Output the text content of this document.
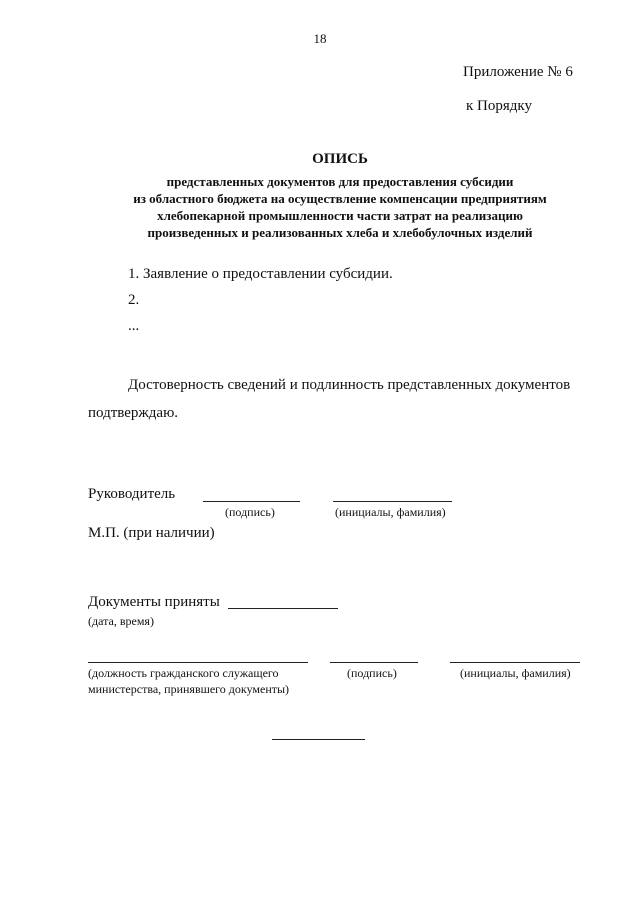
18
Приложение № 6
к Порядку
ОПИСЬ
представленных документов для предоставления субсидии
из областного бюджета на осуществление компенсации предприятиям
хлебопекарной промышленности части затрат на реализацию
произведенных и реализованных хлеба и хлебобулочных изделий
1. Заявление о предоставлении субсидии.
2.
...
Достоверность сведений и подлинность представленных документов
подтверждаю.
Руководитель
(подпись)	(инициалы, фамилия)
М.П. (при наличии)
Документы приняты
(дата, время)
(должность гражданского служащего
министерства, принявшего документы)
(подпись)	(инициалы, фамилия)
